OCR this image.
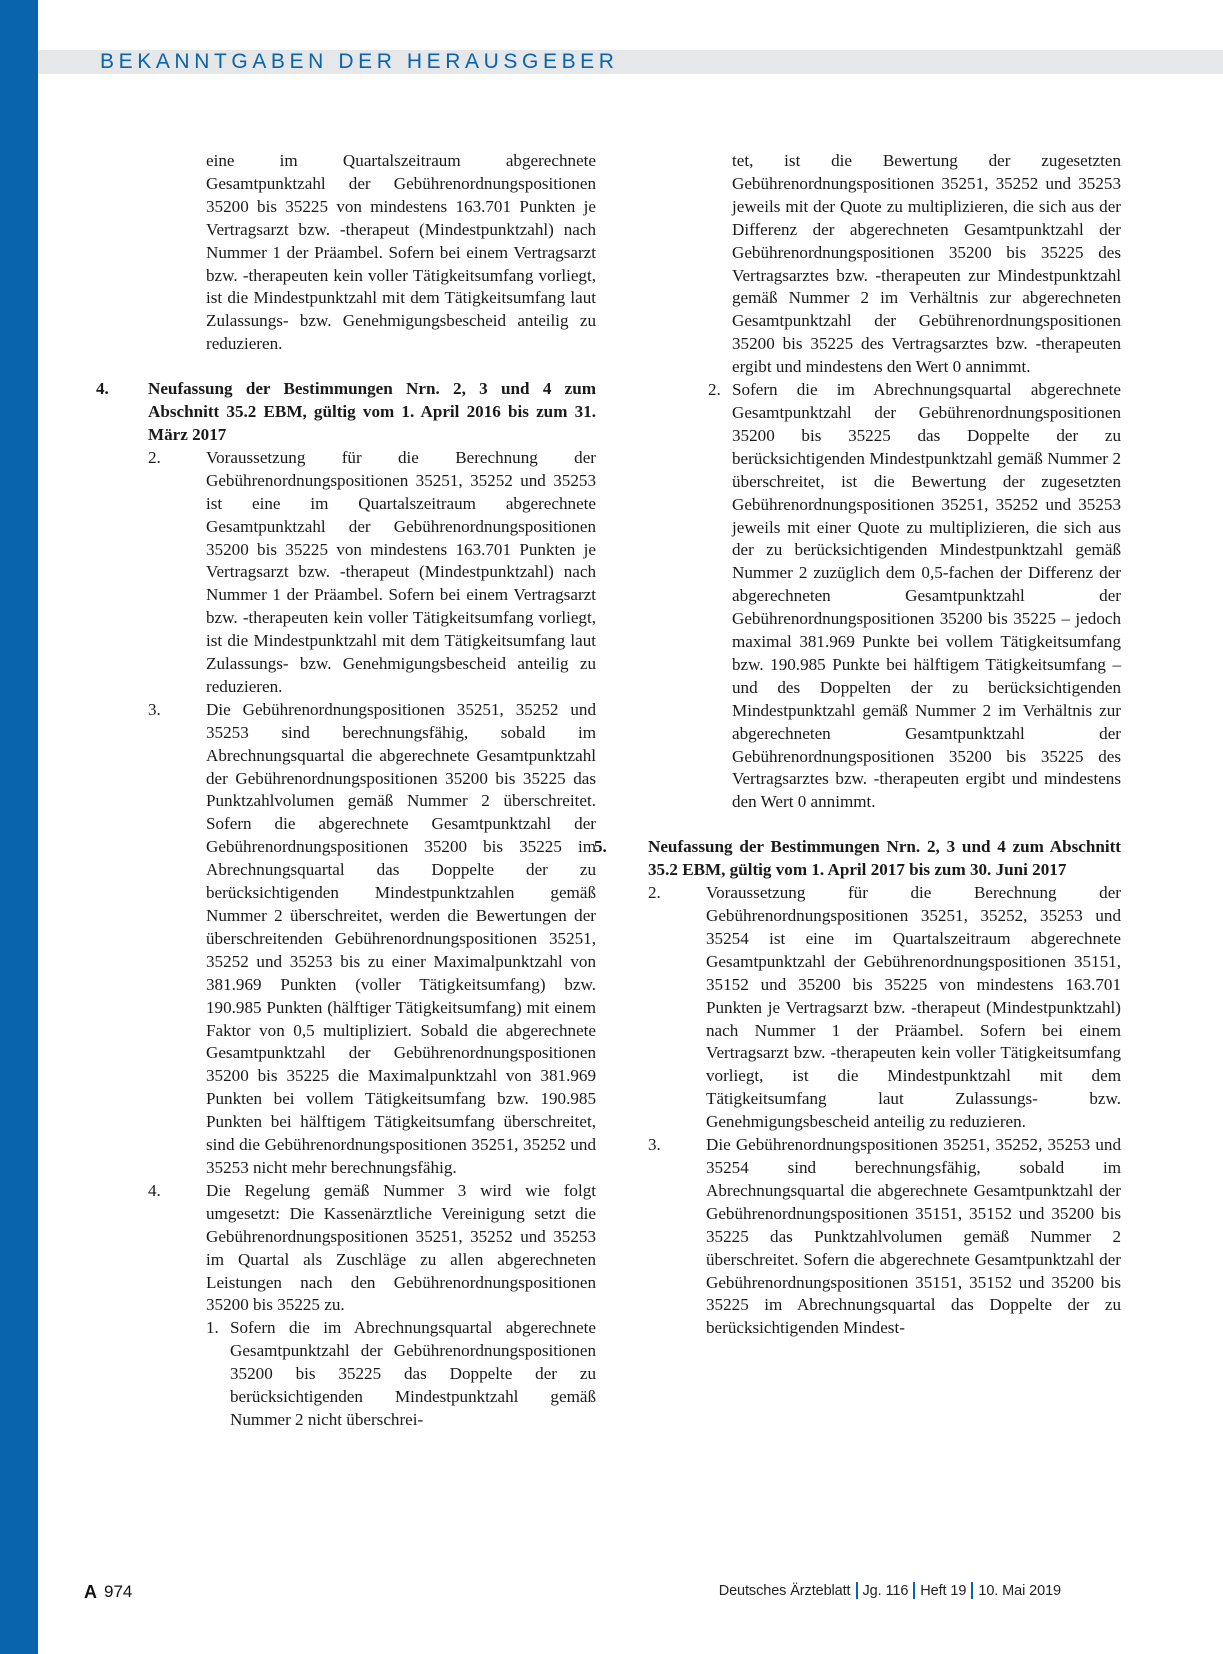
BEKANNTGABEN DER HERAUSGEBER

eine im Quartalszeitraum abgerechnete Gesamtpunktzahl der Gebührenordnungspositionen 35200 bis 35225 von mindestens 163.701 Punkten je Vertragsarzt bzw. -therapeut (Mindestpunktzahl) nach Nummer 1 der Präambel. Sofern bei einem Vertragsarzt bzw. -therapeuten kein voller Tätigkeitsumfang vorliegt, ist die Mindestpunktzahl mit dem Tätigkeitsumfang laut Zulassungs- bzw. Genehmigungsbescheid anteilig zu reduzieren.

4. Neufassung der Bestimmungen Nrn. 2, 3 und 4 zum Abschnitt 35.2 EBM, gültig vom 1. April 2016 bis zum 31. März 2017

2.	Voraussetzung für die Berechnung der Gebührenordnungspositionen 35251, 35252 und 35253 ist eine im Quartalszeitraum abgerechnete Gesamtpunktzahl der Gebührenordnungspositionen 35200 bis 35225 von mindestens 163.701 Punkten je Vertragsarzt bzw. -therapeut (Mindestpunktzahl) nach Nummer 1 der Präambel. Sofern bei einem Vertragsarzt bzw. -therapeuten kein voller Tätigkeitsumfang vorliegt, ist die Mindestpunktzahl mit dem Tätigkeitsumfang laut Zulassungs- bzw. Genehmigungsbescheid anteilig zu reduzieren.

3.	Die Gebührenordnungspositionen 35251, 35252 und 35253 sind berechnungsfähig, sobald im Abrechnungsquartal die abgerechnete Gesamtpunktzahl der Gebührenordnungspositionen 35200 bis 35225 das Punktzahlvolumen gemäß Nummer 2 überschreitet. Sofern die abgerechnete Gesamtpunktzahl der Gebührenordnungspositionen 35200 bis 35225 im Abrechnungsquartal das Doppelte der zu berücksichtigenden Mindestpunktzahlen gemäß Nummer 2 überschreitet, werden die Bewertungen der überschreitenden Gebührenordnungspositionen 35251, 35252 und 35253 bis zu einer Maximalpunktzahl von 381.969 Punkten (voller Tätigkeitsumfang) bzw. 190.985 Punkten (hälftiger Tätigkeitsumfang) mit einem Faktor von 0,5 multipliziert. Sobald die abgerechnete Gesamtpunktzahl der Gebührenordnungspositionen 35200 bis 35225 die Maximalpunktzahl von 381.969 Punkten bei vollem Tätigkeitsumfang bzw. 190.985 Punkten bei hälftigem Tätigkeitsumfang überschreitet, sind die Gebührenordnungspositionen 35251, 35252 und 35253 nicht mehr berechnungsfähig.

4.	Die Regelung gemäß Nummer 3 wird wie folgt umgesetzt: Die Kassenärztliche Vereinigung setzt die Gebührenordnungspositionen 35251, 35252 und 35253 im Quartal als Zuschläge zu allen abgerechneten Leistungen nach den Gebührenordnungspositionen 35200 bis 35225 zu.

1. Sofern die im Abrechnungsquartal abgerechnete Gesamtpunktzahl der Gebührenordnungspositionen 35200 bis 35225 das Doppelte der zu berücksichtigenden Mindestpunktzahl gemäß Nummer 2 nicht überschrei-

tet, ist die Bewertung der zugesetzten Gebührenordnungspositionen 35251, 35252 und 35253 jeweils mit der Quote zu multiplizieren, die sich aus der Differenz der abgerechneten Gesamtpunktzahl der Gebührenordnungspositionen 35200 bis 35225 des Vertragsarztes bzw. -therapeuten zur Mindestpunktzahl gemäß Nummer 2 im Verhältnis zur abgerechneten Gesamtpunktzahl der Gebührenordnungspositionen 35200 bis 35225 des Vertragsarztes bzw. -therapeuten ergibt und mindestens den Wert 0 annimmt.

2. Sofern die im Abrechnungsquartal abgerechnete Gesamtpunktzahl der Gebührenordnungspositionen 35200 bis 35225 das Doppelte der zu berücksichtigenden Mindestpunktzahl gemäß Nummer 2 überschreitet, ist die Bewertung der zugesetzten Gebührenordnungspositionen 35251, 35252 und 35253 jeweils mit einer Quote zu multiplizieren, die sich aus der zu berücksichtigenden Mindestpunktzahl gemäß Nummer 2 zuzüglich dem 0,5-fachen der Differenz der abgerechneten Gesamtpunktzahl der Gebührenordnungspositionen 35200 bis 35225 – jedoch maximal 381.969 Punkte bei vollem Tätigkeitsumfang bzw. 190.985 Punkte bei hälftigem Tätigkeitsumfang – und des Doppelten der zu berücksichtigenden Mindestpunktzahl gemäß Nummer 2 im Verhältnis zur abgerechneten Gesamtpunktzahl der Gebührenordnungspositionen 35200 bis 35225 des Vertragsarztes bzw. -therapeuten ergibt und mindestens den Wert 0 annimmt.

5. Neufassung der Bestimmungen Nrn. 2, 3 und 4 zum Abschnitt 35.2 EBM, gültig vom 1. April 2017 bis zum 30. Juni 2017

2.	Voraussetzung für die Berechnung der Gebührenordnungspositionen 35251, 35252, 35253 und 35254 ist eine im Quartalszeitraum abgerechnete Gesamtpunktzahl der Gebührenordnungspositionen 35151, 35152 und 35200 bis 35225 von mindestens 163.701 Punkten je Vertragsarzt bzw. -therapeut (Mindestpunktzahl) nach Nummer 1 der Präambel. Sofern bei einem Vertragsarzt bzw. -therapeuten kein voller Tätigkeitsumfang vorliegt, ist die Mindestpunktzahl mit dem Tätigkeitsumfang laut Zulassungs- bzw. Genehmigungsbescheid anteilig zu reduzieren.

3.	Die Gebührenordnungspositionen 35251, 35252, 35253 und 35254 sind berechnungsfähig, sobald im Abrechnungsquartal die abgerechnete Gesamtpunktzahl der Gebührenordnungspositionen 35151, 35152 und 35200 bis 35225 das Punktzahlvolumen gemäß Nummer 2 überschreitet. Sofern die abgerechnete Gesamtpunktzahl der Gebührenordnungspositionen 35151, 35152 und 35200 bis 35225 im Abrechnungsquartal das Doppelte der zu berücksichtigenden Mindest-

A 974	Deutsches Ärzteblatt Jg. 116 Heft 19 10. Mai 2019
